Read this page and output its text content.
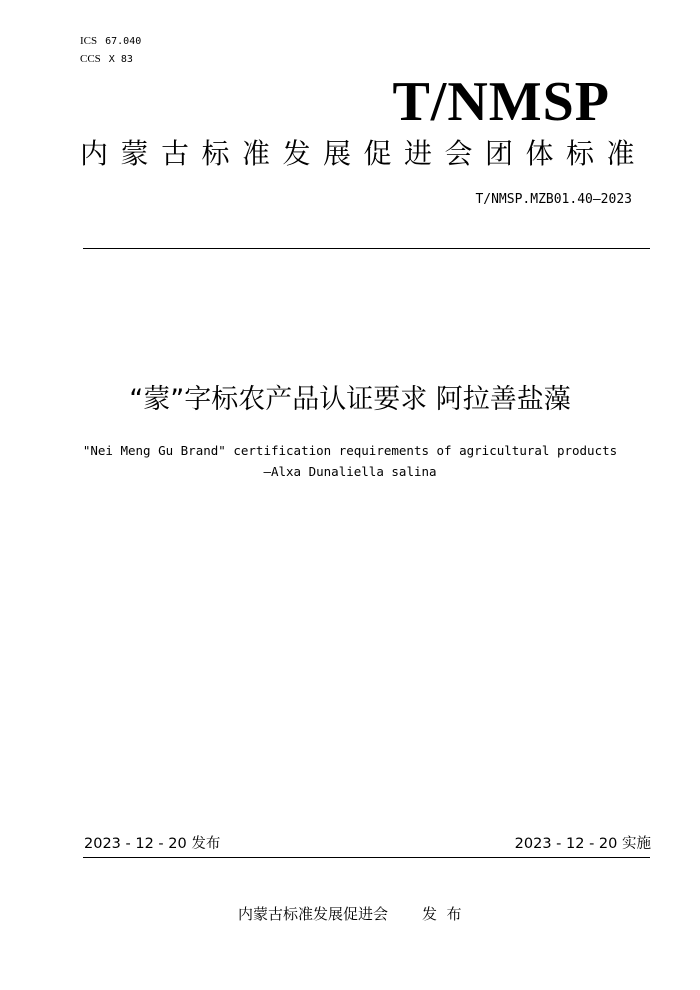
ICS 67.040
CCS X 83
T/NMSP
内蒙古标准发展促进会团体标准
T/NMSP.MZB01.40—2023
“蒙”字标农产品认证要求 阿拉善盐藻
"Nei Meng Gu Brand" certification requirements of agricultural products
—Alxa Dunaliella salina
2023 - 12 - 20 发布	2023 - 12 - 20 实施
内蒙古标准发展促进会 发  布
